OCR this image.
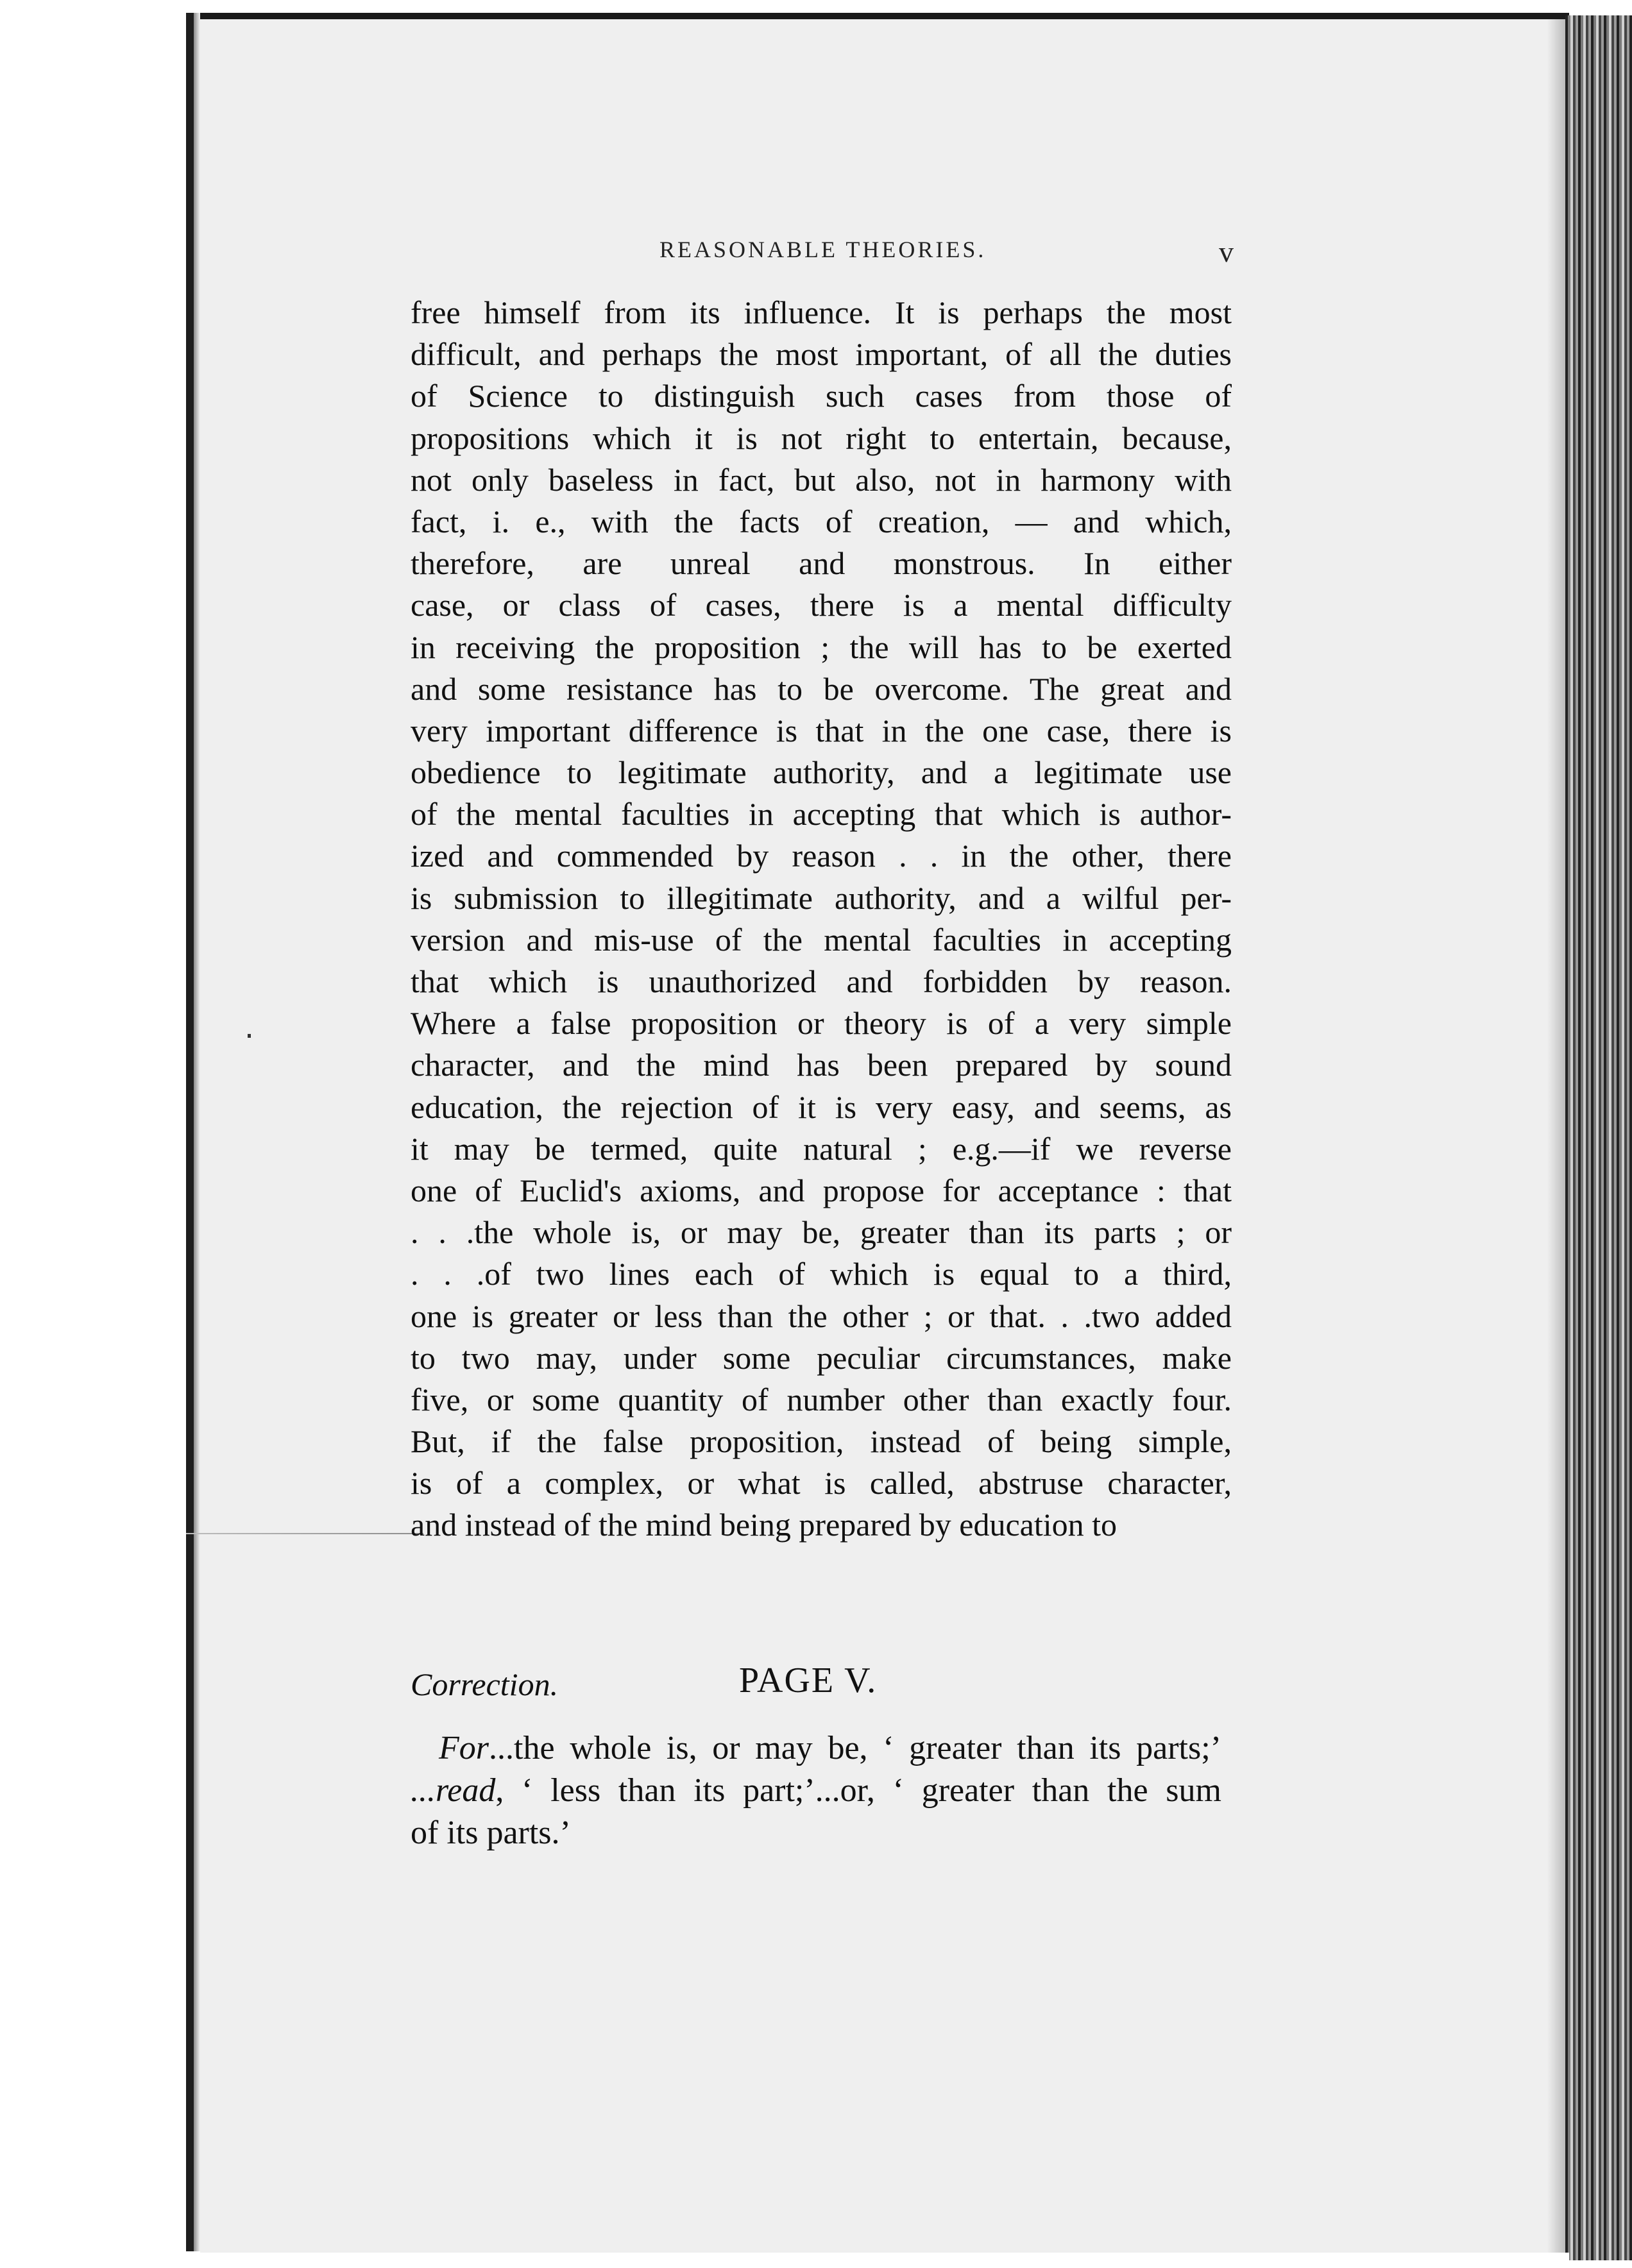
REASONABLE THEORIES.	v
free himself from its influence. It is perhaps the most
difficult, and perhaps the most important, of all the duties
of Science to distinguish such cases from those of
propositions which it is not right to entertain, because,
not only baseless in fact, but also, not in harmony with
fact, i. e., with the facts of creation, — and which,
therefore, are unreal and monstrous. In either
case, or class of cases, there is a mental difficulty
in receiving the proposition ; the will has to be exerted
and some resistance has to be overcome. The great and
very important difference is that in the one case, there is
obedience to legitimate authority, and a legitimate use
of the mental faculties in accepting that which is author-
ized and commended by reason . . in the other, there
is submission to illegitimate authority, and a wilful per-
version and mis-use of the mental faculties in accepting
that which is unauthorized and forbidden by reason.
Where a false proposition or theory is of a very simple
character, and the mind has been prepared by sound
education, the rejection of it is very easy, and seems, as
it may be termed, quite natural ; e.g.—if we reverse
one of Euclid's axioms, and propose for acceptance : that
. . .the whole is, or may be, greater than its parts ; or
. . .of two lines each of which is equal to a third,
one is greater or less than the other ; or that. . .two added
to two may, under some peculiar circumstances, make
five, or some quantity of number other than exactly four.
But, if the false proposition, instead of being simple,
is of a complex, or what is called, abstruse character,
and instead of the mind being prepared by education to
Correction.	PAGE V.
For...the whole is, or may be, ‘ greater than its parts;’
...read, ‘ less than its part;’...or, ‘ greater than the sum
of its parts.’
